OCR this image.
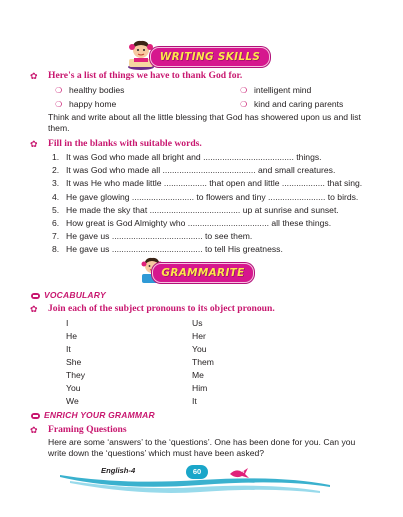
WRITING SKILLS
✿ Here's a list of things we have to thank God for.
❍ healthy bodies
❍ happy home
❍ intelligent mind
❍ kind and caring parents
Think and write about all the little blessing that God has showered upon us and list
them.
✿ Fill in the blanks with suitable words.
1. It was God who made all bright and ...................................... things.
2. It was God who made all ....................................... and small creatures.
3. It was He who made little .................. that open and little .................. that sing.
4. He gave glowing .......................... to flowers and tiny ........................ to birds.
5. He made the sky that ...................................... up at sunrise and sunset.
6. How great is God Almighty who .................................. all these things.
7. He gave us ...................................... to see them.
8. He gave us ...................................... to tell His greatness.
GRAMMARITE
VOCABULARY
✿ Join each of the subject pronouns to its object pronoun.
I
He
It
She
They
You
We
Us
Her
You
Them
Me
Him
It
ENRICH YOUR GRAMMAR
✿ Framing Questions
Here are some ‘answers’ to the ‘questions’. One has been done for you. Can you
write down the ‘questions’ which must have been asked?
English-4	60
